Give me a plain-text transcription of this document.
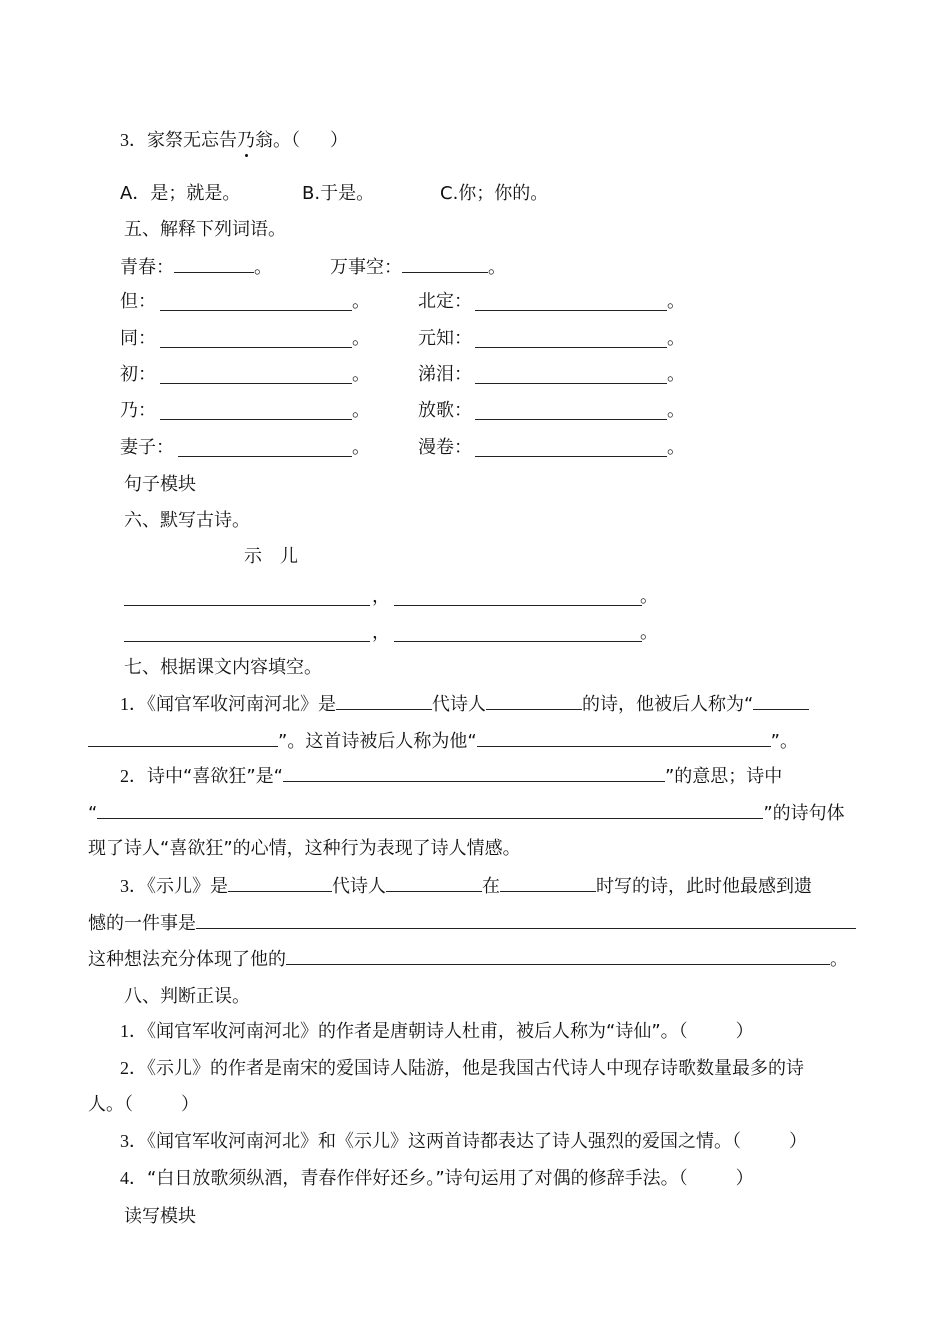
3．家祭无忘告乃翁。（ ）
A．是；就是。	B.于是。	C.你；你的。
五、解释下列词语。
青春：	。	万事空：	。
但：	。	北定：	。
同：	。	元知：	。
初：	。	涕泪：	。
乃：	。	放歌：	。
妻子：	。	漫卷：	。
句子模块
六、默写古诗。
示儿
，	。
，	。
七、根据课文内容填空。
1．《闻官军收河南河北》是	代诗人	的诗，他被后人称为“
”。这首诗被后人称为他“	”。
2．诗中“喜欲狂”是“	”的意思；诗中
“	”的诗句体
现了诗人“喜欲狂”的心情，这种行为表现了诗人情感。
3．《示儿》是	代诗人	在	时写的诗，此时他最感到遗
憾的一件事是
这种想法充分体现了他的	。
八、判断正误。
1．《闻官军收河南河北》的作者是唐朝诗人杜甫，被后人称为“诗仙”。（	）
2．《示儿》的作者是南宋的爱国诗人陆游，他是我国古代诗人中现存诗歌数量最多的诗
人。（	）
3．《闻官军收河南河北》和《示儿》这两首诗都表达了诗人强烈的爱国之情。（	）
4．“白日放歌须纵酒，青春作伴好还乡。”诗句运用了对偶的修辞手法。（	）
读写模块
